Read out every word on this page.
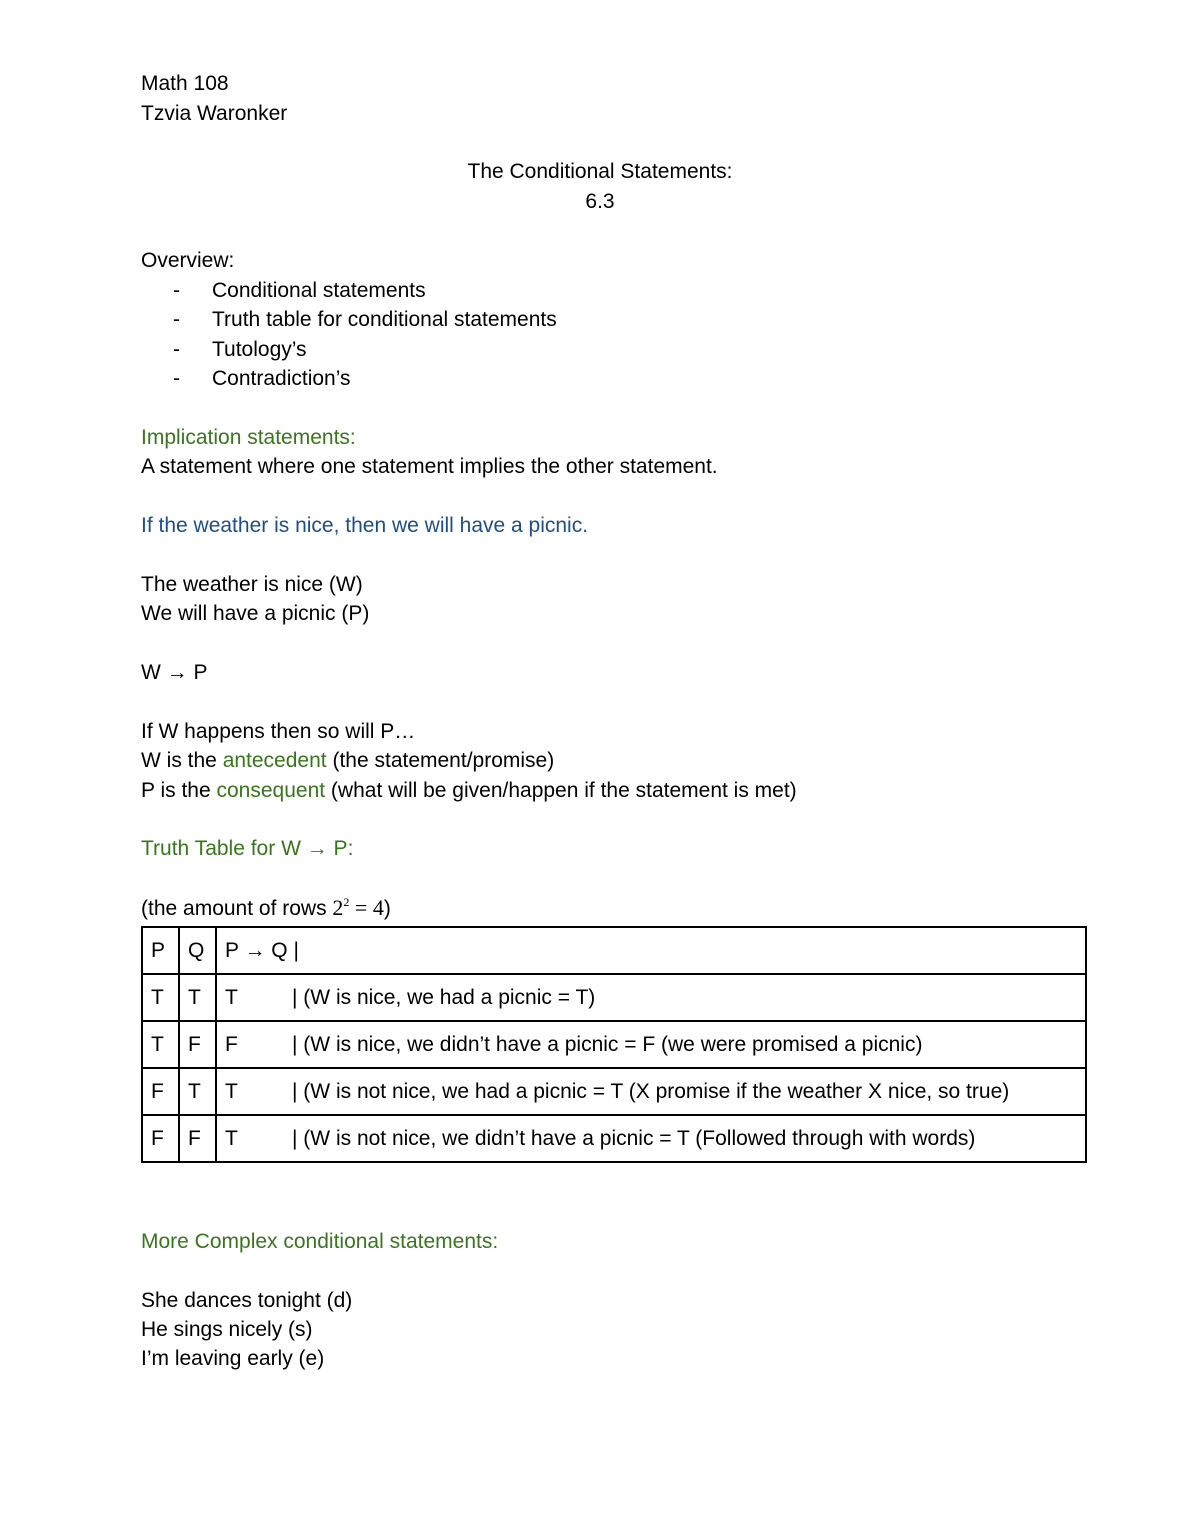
Math 108
Tzvia Waronker
The Conditional Statements:
6.3
Overview:
- Conditional statements
- Truth table for conditional statements
- Tutology’s
- Contradiction’s
Implication statements:
A statement where one statement implies the other statement.
If the weather is nice, then we will have a picnic.
The weather is nice (W)
We will have a picnic (P)
W → P
If W happens then so will P…
W is the antecedent (the statement/promise)
P is the consequent (what will be given/happen if the statement is met)
Truth Table for W → P:
(the amount of rows $2^2 = 4$)
P	Q	P → Q |
T	T	T | (W is nice, we had a picnic = T)
T	F	F | (W is nice, we didn’t have a picnic = F (we were promised a picnic)
F	T	T | (W is not nice, we had a picnic = T (X promise if the weather X nice, so true)
F	F	T | (W is not nice, we didn’t have a picnic = T (Followed through with words)
More Complex conditional statements:
She dances tonight (d)
He sings nicely (s)
I’m leaving early (e)
